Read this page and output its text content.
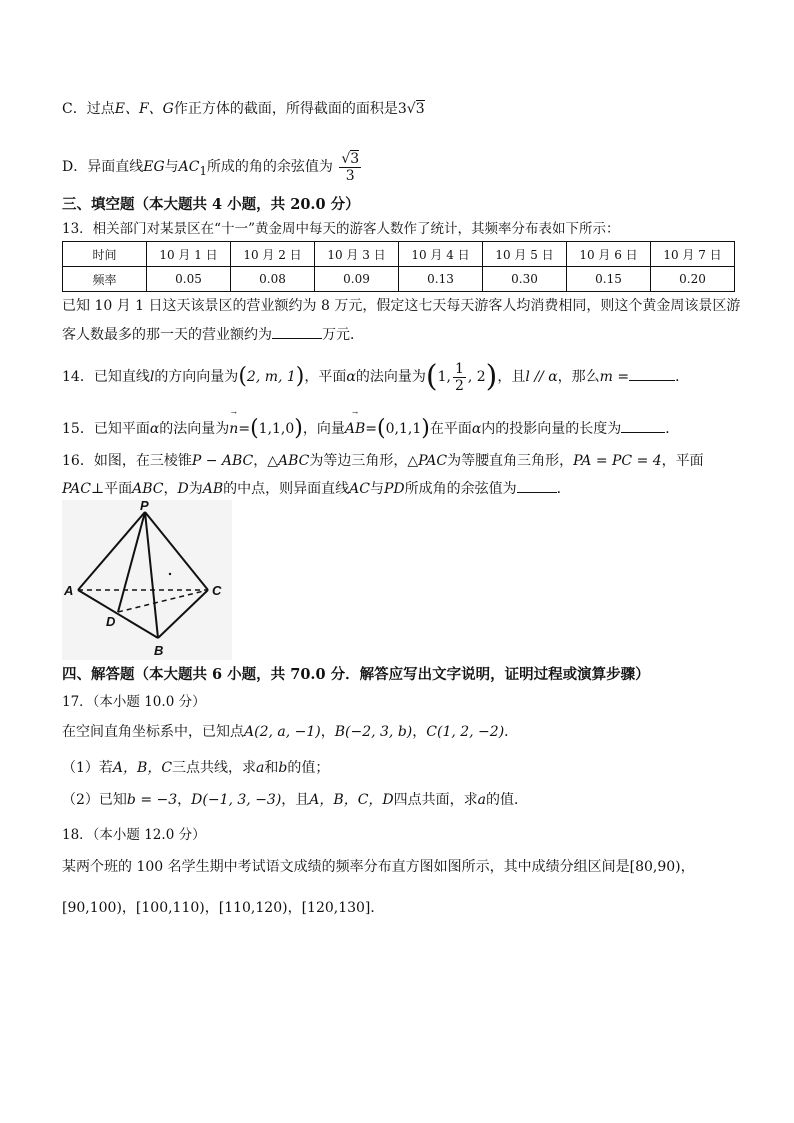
C．过点E、F、G作正方体的截面，所得截面的面积是3√3
D．异面直线EG与$AC_1$所成的角的余弦值为 $\frac{√3}{3}$
三、填空题（本大题共 4 小题，共 20.0 分）
13．相关部门对某景区在“十一”黄金周中每天的游客人数作了统计，其频率分布表如下所示：
时间	10 月 1 日	10 月 2 日	10 月 3 日	10 月 4 日	10 月 5 日	10 月 6 日	10 月 7 日
频率	0.05	0.08	0.09	0.13	0.30	0.15	0.20
已知 10 月 1 日这天该景区的营业额约为 8 万元，假定这七天每天游客人均消费相同，则这个黄金周该景区游
客人数最多的那一天的营业额约为	万元．
14．已知直线l的方向向量为(2, m, 1)，平面α的法向量为(1, $\frac{1}{2}$ , 2)，且l // α，那么m =	．
15．已知平面α的法向量为
→
n=(1,1,0)，向量
→
AB=(0,1,1)在平面α内的投影向量的长度为	．
16．如图，在三棱锥P − ABC，△ABC为等边三角形，△PAC为等腰直角三角形，PA = PC = 4，平面
PAC⊥平面ABC，D为AB的中点，则异面直线AC与PD所成角的余弦值为	．
P
A	C
D
B
四、解答题（本大题共 6 小题，共 70.0 分．解答应写出文字说明，证明过程或演算步骤）
17．（本小题 10.0 分）
在空间直角坐标系中，已知点A(2, a, −1)，B(−2, 3, b)，C(1, 2, −2)．
（1）若A，B，C三点共线，求a和b的值；
（2）已知b = −3，D(−1, 3, −3)，且A，B，C，D四点共面，求a的值．
18．（本小题 12.0 分）
某两个班的 100 名学生期中考试语文成绩的频率分布直方图如图所示，其中成绩分组区间是[80,90)，
[90,100)，[100,110)，[110,120)，[120,130]．
